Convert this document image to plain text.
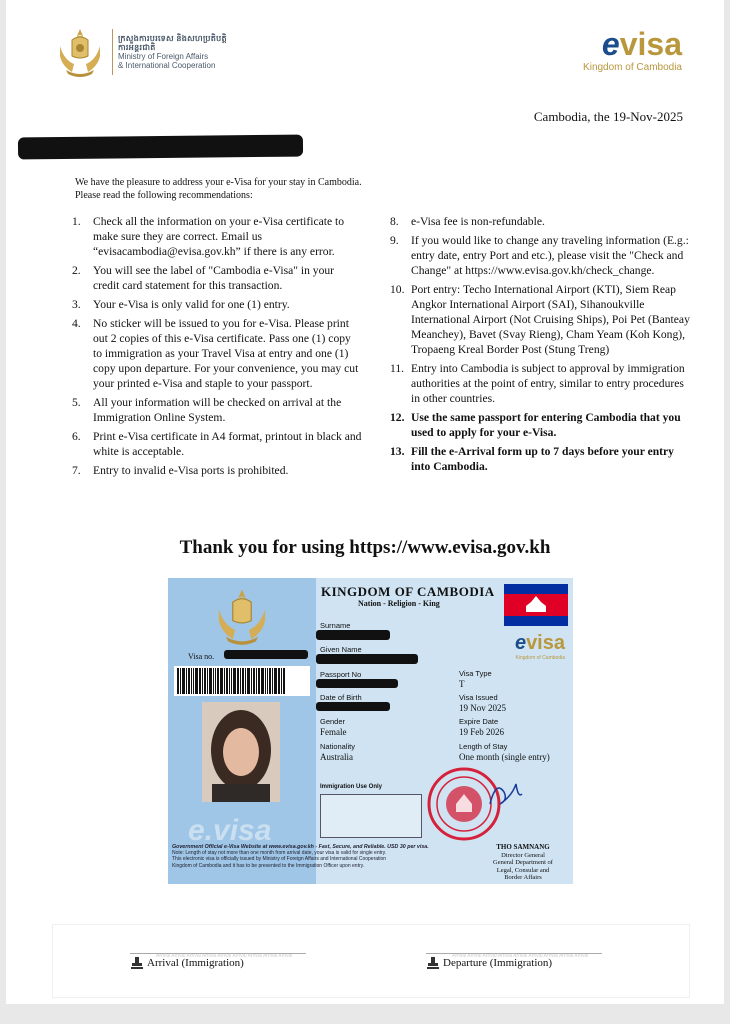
ក្រសួងការបរទេស និងសហប្រតិបត្តិការអន្តរជាតិ
Ministry of Foreign Affairs
& International Cooperation
evisa
Kingdom of Cambodia
Cambodia, the 19-Nov-2025
We have the pleasure to address your e-Visa for your stay in Cambodia.
Please read the following recommendations:
1.	Check all the information on your e-Visa certificate to make sure they are correct. Email us “evisacambodia@evisa.gov.kh” if there is any error.
2.	You will see the label of "Cambodia e-Visa" in your credit card statement for this transaction.
3.	Your e-Visa is only valid for one (1) entry.
4.	No sticker will be issued to you for e-Visa. Please print out 2 copies of this e-Visa certificate. Pass one (1) copy to immigration as your Travel Visa at entry and one (1) copy upon departure. For your convenience, you may cut your printed e-Visa and staple to your passport.
5.	All your information will be checked on arrival at the Immigration Online System.
6.	Print e-Visa certificate in A4 format, printout in black and white is acceptable.
7.	Entry to invalid e-Visa ports is prohibited.
8.	e-Visa fee is non-refundable.
9.	If you would like to change any traveling information (E.g.: entry date, entry Port and etc.), please visit the "Check and Change" at https://www.evisa.gov.kh/check_change.
10. Port entry: Techo International Airport (KTI), Siem Reap Angkor International Airport (SAI), Sihanoukville International Airport (Not Cruising Ships), Poi Pet (Banteay Meanchey), Bavet (Svay Rieng), Cham Yeam (Koh Kong), Tropaeng Kreal Border Post (Stung Treng)
11. Entry into Cambodia is subject to approval by immigration authorities at the point of entry, similar to entry procedures in other countries.
12. Use the same passport for entering Cambodia that you used to apply for your e-Visa.
13. Fill the e-Arrival form up to 7 days before your entry into Cambodia.
Thank you for using https://www.evisa.gov.kh
KINGDOM OF CAMBODIA
Nation - Religion - King
evisa
Kingdom of Cambodia
Visa no.
Surname
Given Name
Passport No
Date of Birth
Gender
Female
Nationality
Australia
Visa Type
T
Visa Issued
19 Nov 2025
Expire Date
19 Feb 2026
Length of Stay
One month (single entry)
Immigration Use Only
e.visa
Government Official e-Visa Website at www.evisa.gov.kh - Fast, Secure, and Reliable. USD 30 per visa.
Note: Length of stay not more than one month from arrival date, your visa is valid for single entry.
This electronic visa is officially issued by Ministry of Foreign Affairs and International Cooperation
Kingdom of Cambodia and it has to be presented to the Immigration Officer upon entry.
THO SAMNANG
Director General
General Department of
Legal, Consular and
Border Affairs
Arrival Arrival Arrival Arrival Arrival Arrival Arrival Arrival Arrival
Arrival (Immigration)
Arrival Arrival Arrival Arrival Arrival Arrival Arrival Arrival Arrival
Departure (Immigration)
